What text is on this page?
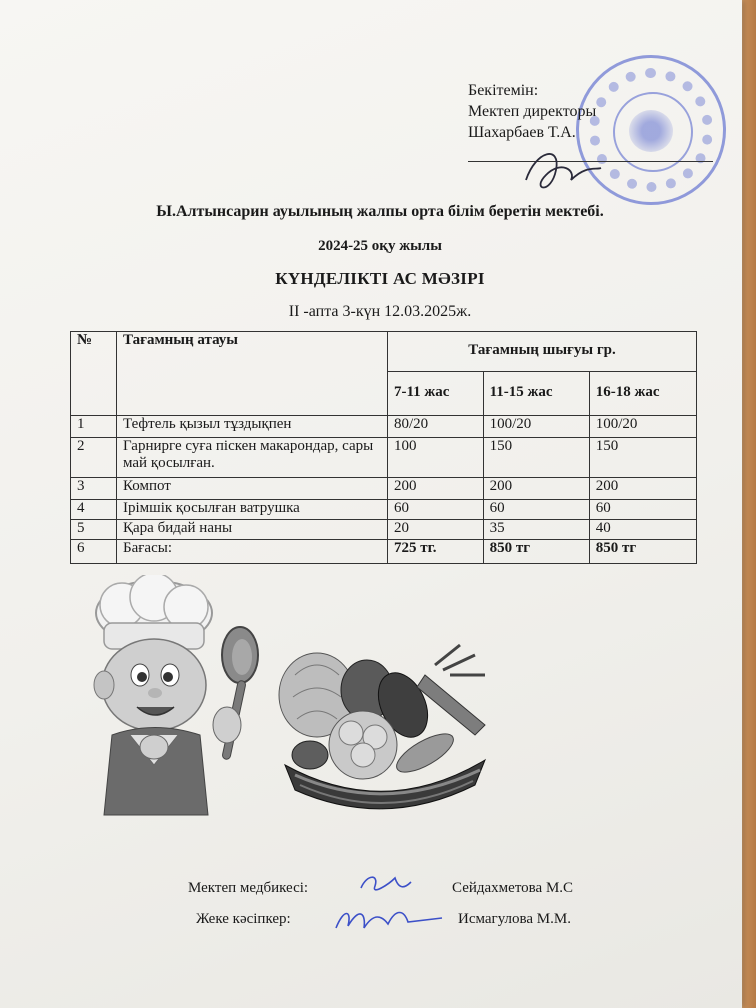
Бекітемін:
Мектеп директоры
Шахарбаев Т.А.
Ы.Алтынсарин ауылының жалпы орта білім беретін мектебі.
2024-25 оқу жылы
КҮНДЕЛІКТІ АС МӘЗІРІ
II -апта 3-күн 12.03.2025ж.
№	Тағамның атауы	Тағамның шығуы гр.		
		7-11 жас	11-15 жас	16-18 жас
1	Тефтель қызыл тұздықпен	80/20	100/20	100/20
2	Гарнирге суға піскен макарондар, сары май қосылған.	100	150	150
3	Компот	200	200	200
4	Ірімшік қосылған ватрушка	60	60	60
5	Қара бидай наны	20	35	40
6	Бағасы:	725 тг.	850 тг	850 тг
Мектеп медбикесі:	Сейдахметова М.С
Жеке кәсіпкер:	Исмагулова М.М.
